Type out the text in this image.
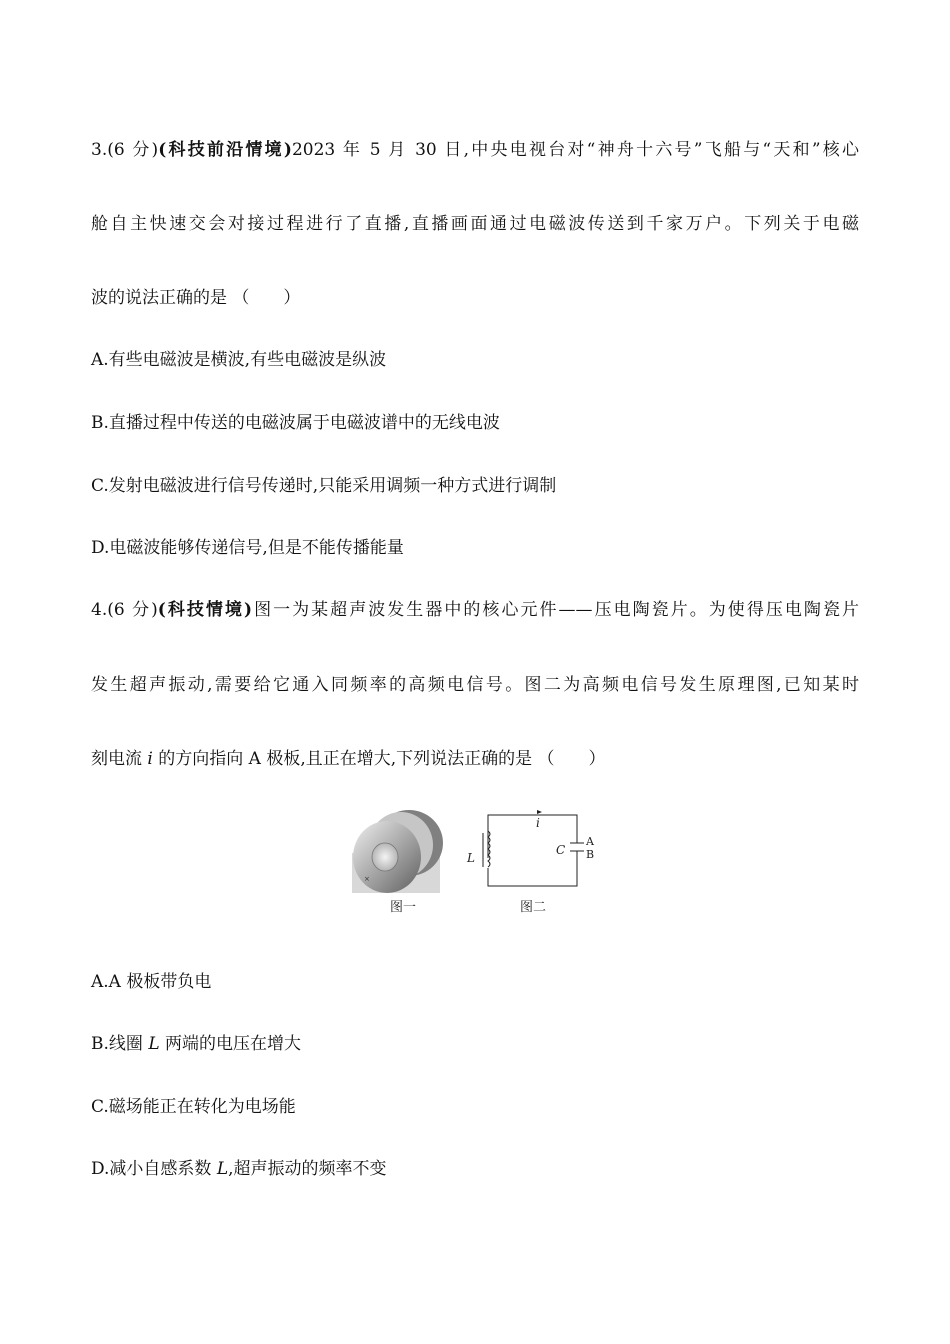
3.(6 分)(科技前沿情境)2023 年 5 月 30 日,中央电视台对“神舟十六号”飞船与“天和”核心
舱自主快速交会对接过程进行了直播,直播画面通过电磁波传送到千家万户。下列关于电磁
波的说法正确的是 （　　）
A.有些电磁波是横波,有些电磁波是纵波
B.直播过程中传送的电磁波属于电磁波谱中的无线电波
C.发射电磁波进行信号传递时,只能采用调频一种方式进行调制
D.电磁波能够传递信号,但是不能传播能量
4.(6 分)(科技情境)图一为某超声波发生器中的核心元件——压电陶瓷片。为使得压电陶瓷片
发生超声振动,需要给它通入同频率的高频电信号。图二为高频电信号发生原理图,已知某时
刻电流 i 的方向指向 A 极板,且正在增大,下列说法正确的是 （　　）
×
i
L
C
A
B
图一	图二
A.A 极板带负电
B.线圈 L 两端的电压在增大
C.磁场能正在转化为电场能
D.减小自感系数 L,超声振动的频率不变
